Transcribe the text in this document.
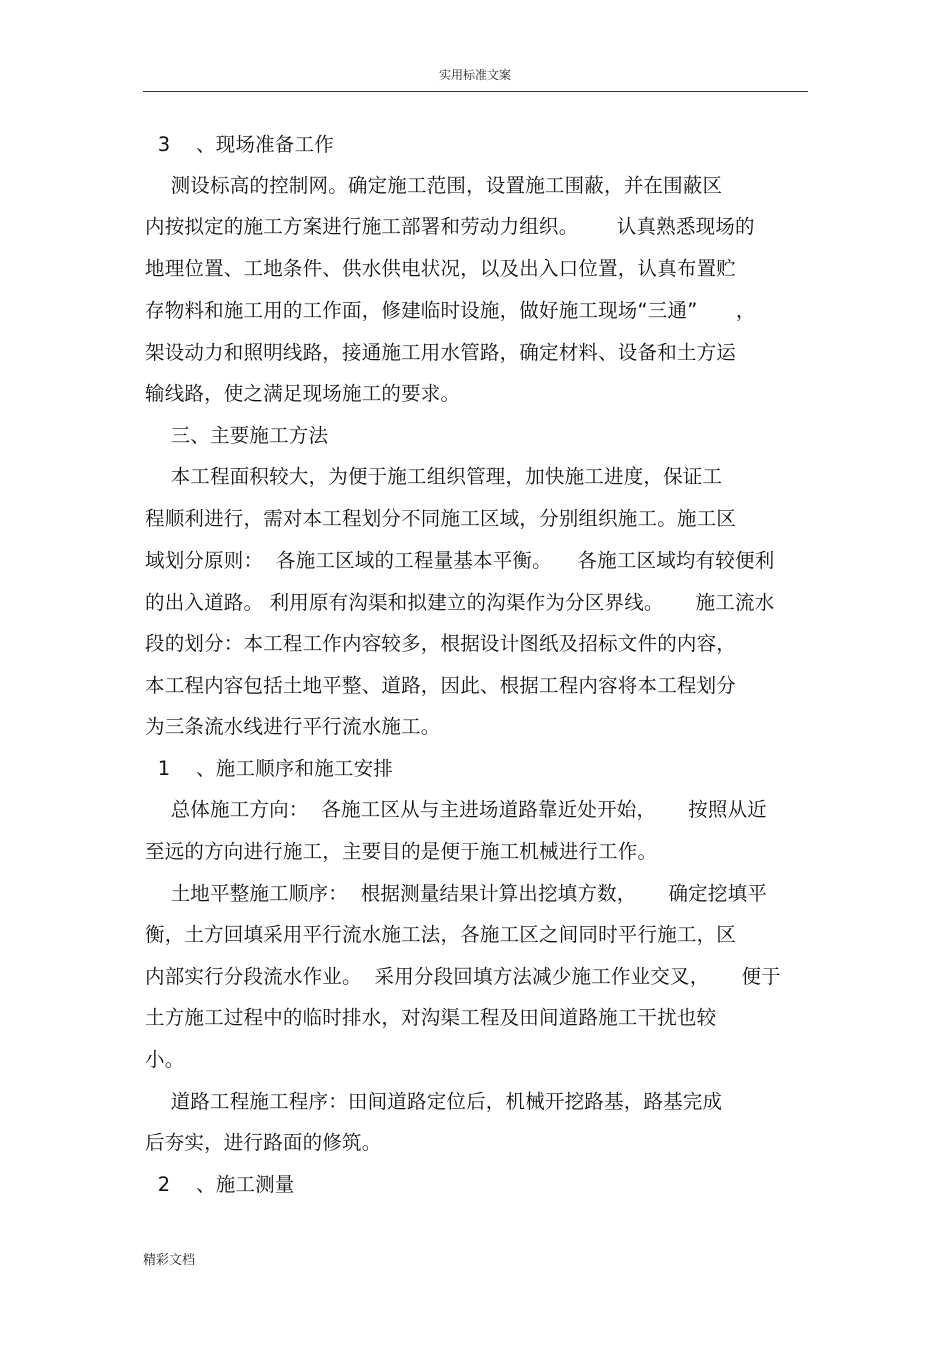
实用标准文案
3    、现场准备工作
测设标高的控制网。确定施工范围，设置施工围蔽，并在围蔽区
内按拟定的施工方案进行施工部署和劳动力组织。      认真熟悉现场的
地理位置、工地条件、供水供电状况，以及出入口位置，认真布置贮
存物料和施工用的工作面，修建临时设施，做好施工现场“三通”      ，
架设动力和照明线路，接通施工用水管路，确定材料、设备和土方运
输线路，使之满足现场施工的要求。
三、主要施工方法
本工程面积较大，为便于施工组织管理，加快施工进度，保证工
程顺利进行，需对本工程划分不同施工区域，分别组织施工。施工区
域划分原则：  各施工区域的工程量基本平衡。    各施工区域均有较便利
的出入道路。 利用原有沟渠和拟建立的沟渠作为分区界线。     施工流水
段的划分：本工程工作内容较多，根据设计图纸及招标文件的内容，
本工程内容包括土地平整、道路，因此、根据工程内容将本工程划分
为三条流水线进行平行流水施工。
1    、施工顺序和施工安排
总体施工方向：  各施工区从与主进场道路靠近处开始，     按照从近
至远的方向进行施工，主要目的是便于施工机械进行工作。
土地平整施工顺序：  根据测量结果计算出挖填方数，     确定挖填平
衡，土方回填采用平行流水施工法，各施工区之间同时平行施工，区
内部实行分段流水作业。  采用分段回填方法减少施工作业交叉，     便于
土方施工过程中的临时排水，对沟渠工程及田间道路施工干扰也较
小。
道路工程施工程序：田间道路定位后，机械开挖路基，路基完成
后夯实，进行路面的修筑。
2    、施工测量
精彩文档
